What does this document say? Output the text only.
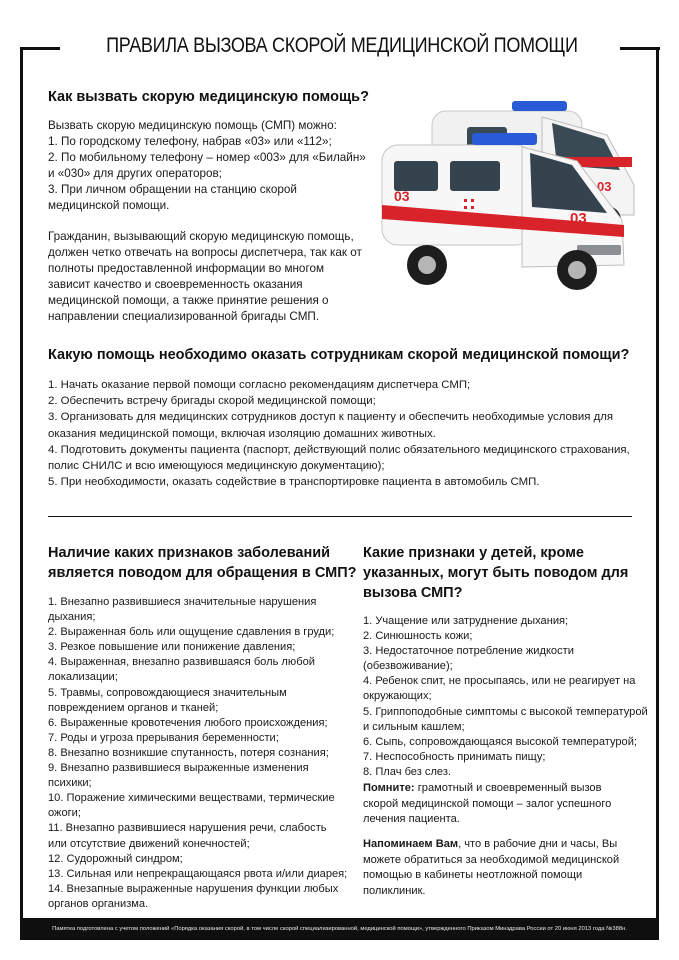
ПРАВИЛА ВЫЗОВА СКОРОЙ МЕДИЦИНСКОЙ ПОМОЩИ
Как вызвать скорую медицинскую помощь?

Вызвать скорую медицинскую помощь (СМП) можно:

1. По городскому телефону, набрав «03» или «112»;

2. По мобильному телефону – номер «003» для «Билайн» и «030» для других операторов;

3. При личном обращении на станцию скорой медицинской помощи.

Гражданин, вызывающий скорую медицинскую помощь, должен четко отвечать на вопросы диспетчера, так как от полноты предоставленной информации во многом зависит качество и своевременность оказания медицинской помощи, а также принятие решения о направлении специализированной бригады СМП.
03
03
03
Какую помощь необходимо оказать сотрудникам скорой медицинской помощи?

1. Начать оказание первой помощи согласно рекомендациям диспетчера СМП;

2. Обеспечить встречу бригады скорой медицинской помощи;

3. Организовать для медицинских сотрудников доступ к пациенту и обеспечить необходимые условия для оказания медицинской помощи, включая изоляцию домашних животных.

4. Подготовить документы пациента (паспорт, действующий полис обязательного медицинского страхования, полис СНИЛС и всю имеющуюся медицинскую документацию);

5. При необходимости, оказать содействие в транспортировке пациента в автомобиль СМП.

Наличие каких признаков заболеваний является поводом для обращения в СМП?

1. Внезапно развившиеся значительные нарушения дыхания;

2. Выраженная боль или ощущение сдавления в груди;

3. Резкое повышение или понижение давления;

4. Выраженная, внезапно развившаяся боль любой локализации;

5. Травмы, сопровождающиеся значительным повреждением органов и тканей;

6. Выраженные кровотечения любого происхождения;

7. Роды и угроза прерывания беременности;

8. Внезапно возникшие спутанность, потеря сознания;

9. Внезапно развившиеся выраженные изменения психики;

10. Поражение химическими веществами, термические ожоги;

11. Внезапно развившиеся нарушения речи, слабость или отсутствие движений конечностей;

12. Судорожный синдром;

13. Сильная или непрекращающаяся рвота и/или диарея;

14. Внезапные выраженные нарушения функции любых органов организма.

Какие признаки у детей, кроме указанных, могут быть поводом для вызова СМП?

1. Учащение или затруднение дыхания;

2. Синюшность кожи;

3. Недостаточное потребление жидкости (обезвоживание);

4. Ребенок спит, не просыпаясь, или не реагирует на окружающих;

5. Гриппоподобные симптомы с высокой температурой и сильным кашлем;

6. Сыпь, сопровождающаяся высокой температурой;

7. Неспособность принимать пищу;

8. Плач без слез.

Помните: грамотный и своевременный вызов скорой медицинской помощи – залог успешного лечения пациента.
Напоминаем Вам, что в рабочие дни и часы, Вы можете обратиться за необходимой медицинской помощью в кабинеты неотложной помощи поликлиник.
Памятка подготовлена с учетом положений «Порядка оказания скорой, в том числе скорой специализированной, медицинской помощи», утвержденного Приказом Минздрава России от 20 июня 2013 года №388н.
